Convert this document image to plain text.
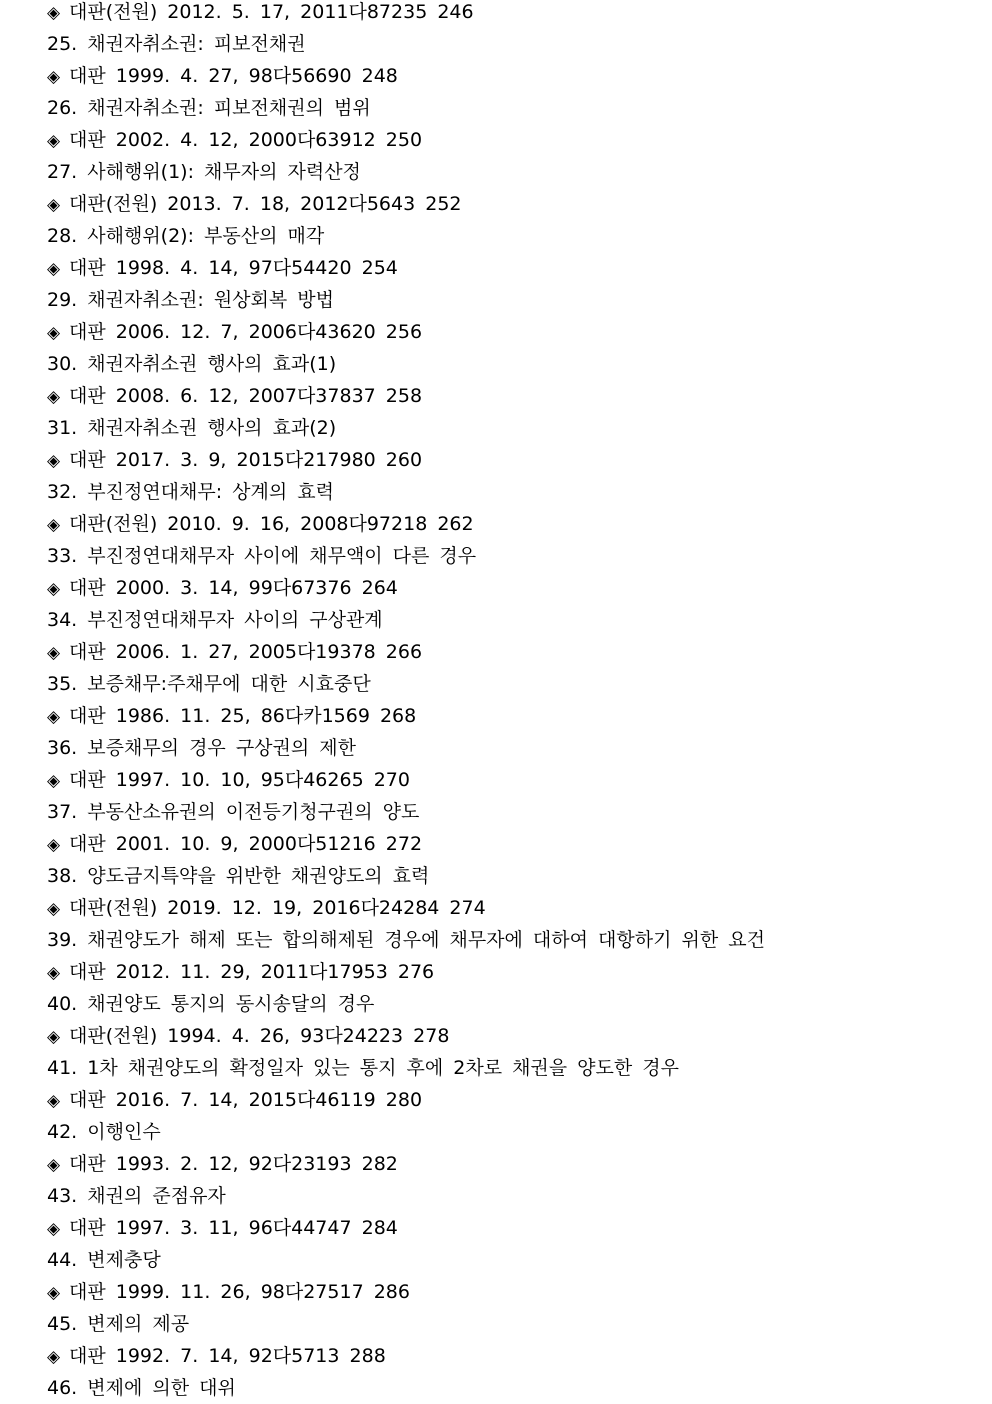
◈ 대판(전원) 2012. 5. 17, 2011다87235 246
25. 채권자취소권: 피보전채권
◈ 대판 1999. 4. 27, 98다56690 248
26. 채권자취소권: 피보전채권의 범위
◈ 대판 2002. 4. 12, 2000다63912 250
27. 사해행위(1): 채무자의 자력산정
◈ 대판(전원) 2013. 7. 18, 2012다5643 252
28. 사해행위(2): 부동산의 매각
◈ 대판 1998. 4. 14, 97다54420 254
29. 채권자취소권: 원상회복 방법
◈ 대판 2006. 12. 7, 2006다43620 256
30. 채권자취소권 행사의 효과(1)
◈ 대판 2008. 6. 12, 2007다37837 258
31. 채권자취소권 행사의 효과(2)
◈ 대판 2017. 3. 9, 2015다217980 260
32. 부진정연대채무: 상계의 효력
◈ 대판(전원) 2010. 9. 16, 2008다97218 262
33. 부진정연대채무자 사이에 채무액이 다른 경우
◈ 대판 2000. 3. 14, 99다67376 264
34. 부진정연대채무자 사이의 구상관계
◈ 대판 2006. 1. 27, 2005다19378 266
35. 보증채무:주채무에 대한 시효중단
◈ 대판 1986. 11. 25, 86다카1569 268
36. 보증채무의 경우 구상권의 제한
◈ 대판 1997. 10. 10, 95다46265 270
37. 부동산소유권의 이전등기청구권의 양도
◈ 대판 2001. 10. 9, 2000다51216 272
38. 양도금지특약을 위반한 채권양도의 효력
◈ 대판(전원) 2019. 12. 19, 2016다24284 274
39. 채권양도가 해제 또는 합의해제된 경우에 채무자에 대하여 대항하기 위한 요건
◈ 대판 2012. 11. 29, 2011다17953 276
40. 채권양도 통지의 동시송달의 경우
◈ 대판(전원) 1994. 4. 26, 93다24223 278
41. 1차 채권양도의 확정일자 있는 통지 후에 2차로 채권을 양도한 경우
◈ 대판 2016. 7. 14, 2015다46119 280
42. 이행인수
◈ 대판 1993. 2. 12, 92다23193 282
43. 채권의 준점유자
◈ 대판 1997. 3. 11, 96다44747 284
44. 변제충당
◈ 대판 1999. 11. 26, 98다27517 286
45. 변제의 제공
◈ 대판 1992. 7. 14, 92다5713 288
46. 변제에 의한 대위
